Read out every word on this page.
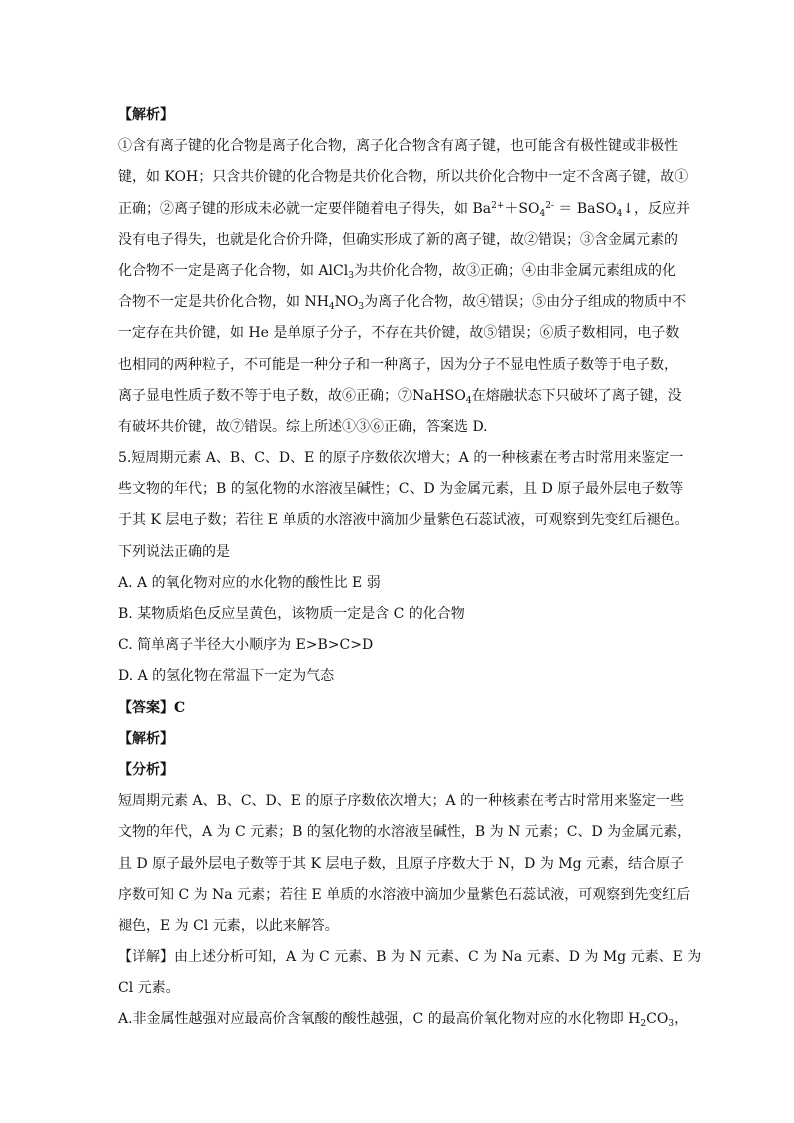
【解析】
①含有离子键的化合物是离子化合物，离子化合物含有离子键，也可能含有极性键或非极性
键，如 KOH；只含共价键的化合物是共价化合物，所以共价化合物中一定不含离子键，故①
正确；②离子键的形成未必就一定要伴随着电子得失，如 $Ba^{2+}+SO_4^{2-}$ ＝ BaSO$_4$↓，反应并
没有电子得失，也就是化合价升降，但确实形成了新的离子键，故②错误；③含金属元素的
化合物不一定是离子化合物，如 AlCl$_3$为共价化合物，故③正确；④由非金属元素组成的化
合物不一定是共价化合物，如 $NH_4NO_3$为离子化合物，故④错误；⑤由分子组成的物质中不
一定存在共价键，如 He 是单原子分子，不存在共价键，故⑤错误；⑥质子数相同，电子数
也相同的两种粒子，不可能是一种分子和一种离子，因为分子不显电性质子数等于电子数，
离子显电性质子数不等于电子数，故⑥正确；⑦NaHSO$_4$在熔融状态下只破坏了离子键，没
有破坏共价键，故⑦错误。综上所述①③⑥正确，答案选 D.
5.短周期元素 A、B、C、D、E 的原子序数依次增大；A 的一种核素在考古时常用来鉴定一
些文物的年代；B 的氢化物的水溶液呈碱性；C、D 为金属元素，且 D 原子最外层电子数等
于其 K 层电子数；若往 E 单质的水溶液中滴加少量紫色石蕊试液，可观察到先变红后褪色。
下列说法正确的是
A. A 的氧化物对应的水化物的酸性比 E 弱
B. 某物质焰色反应呈黄色，该物质一定是含 C 的化合物
C. 简单离子半径大小顺序为 E>B>C>D
D. A 的氢化物在常温下一定为气态
【答案】C
【解析】
【分析】
短周期元素 A、B、C、D、E 的原子序数依次增大；A 的一种核素在考古时常用来鉴定一些
文物的年代，A 为 C 元素；B 的氢化物的水溶液呈碱性，B 为 N 元素；C、D 为金属元素，
且 D 原子最外层电子数等于其 K 层电子数，且原子序数大于 N，D 为 Mg 元素，结合原子
序数可知 C 为 Na 元素；若往 E 单质的水溶液中滴加少量紫色石蕊试液，可观察到先变红后
褪色，E 为 Cl 元素，以此来解答。
【详解】由上述分析可知，A 为 C 元素、B 为 N 元素、C 为 Na 元素、D 为 Mg 元素、E 为
Cl 元素。
A.非金属性越强对应最高价含氧酸的酸性越强，C 的最高价氧化物对应的水化物即 $H_2CO_3$，
